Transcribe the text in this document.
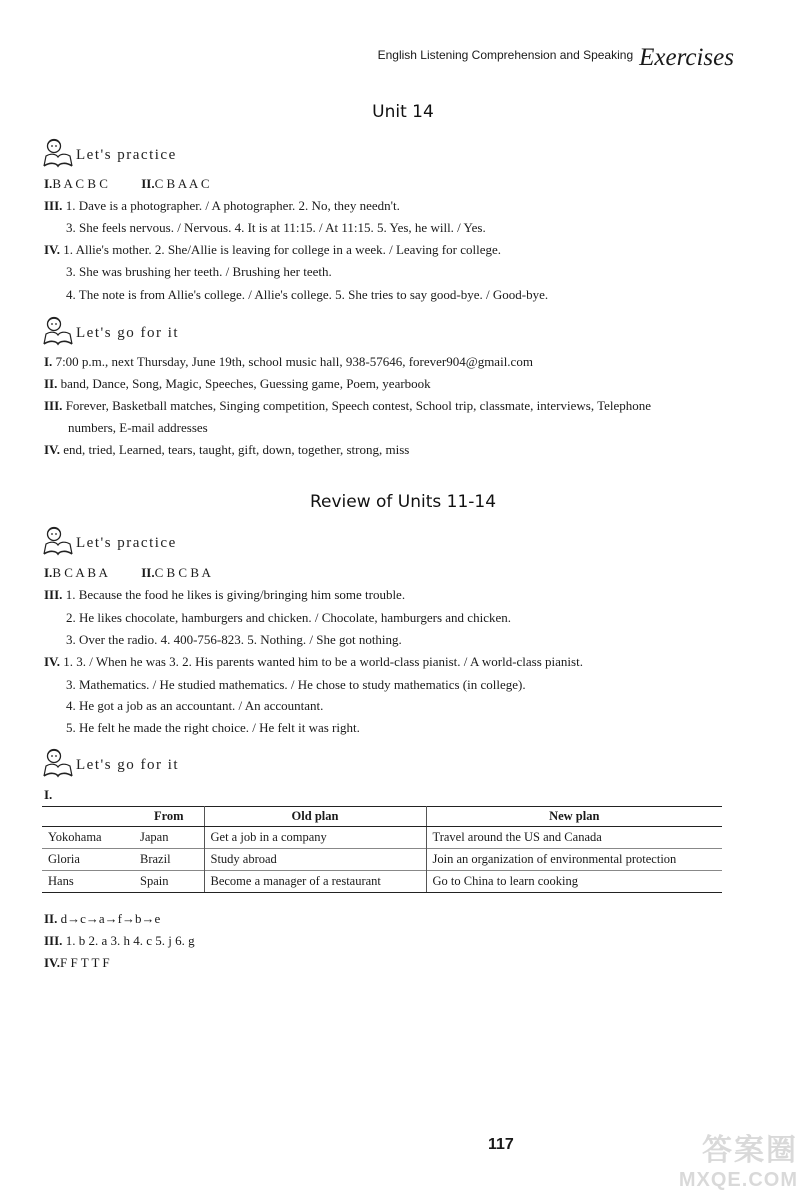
$^{English Listening Comprehension and Speaking}$ Exercises
Unit 14
Let's practice
I.B A C B C	II.C B A A C
III. 1. Dave is a photographer. / A photographer. 2. No, they needn't.
3. She feels nervous. / Nervous. 4. It is at 11:15. / At 11:15. 5. Yes, he will. / Yes.
IV. 1. Allie's mother. 2. She/Allie is leaving for college in a week. / Leaving for college.
3. She was brushing her teeth. / Brushing her teeth.
4. The note is from Allie's college. / Allie's college. 5. She tries to say good-bye. / Good-bye.
Let's go for it
I. 7:00 p.m., next Thursday, June 19th, school music hall, 938-57646, forever904@gmail.com
II. band, Dance, Song, Magic, Speeches, Guessing game, Poem, yearbook
III. Forever, Basketball matches, Singing competition, Speech contest, School trip, classmate, interviews, Telephone
numbers, E-mail addresses
IV. end, tried, Learned, tears, taught, gift, down, together, strong, miss
Review of Units 11-14
Let's practice
I.B C A B A	II.C B C B A
III. 1. Because the food he likes is giving/bringing him some trouble.
2. He likes chocolate, hamburgers and chicken. / Chocolate, hamburgers and chicken.
3. Over the radio. 4. 400-756-823. 5. Nothing. / She got nothing.
IV. 1. 3. / When he was 3. 2. His parents wanted him to be a world-class pianist. / A world-class pianist.
3. Mathematics. / He studied mathematics. / He chose to study mathematics (in college).
4. He got a job as an accountant. / An accountant.
5. He felt he made the right choice. / He felt it was right.
Let's go for it
I.
	From	Old plan	New plan
Yokohama	Japan	Get a job in a company	Travel around the US and Canada
Gloria	Brazil	Study abroad	Join an organization of environmental protection
Hans	Spain	Become a manager of a restaurant	Go to China to learn cooking
II. d→c→a→f→b→e
III. 1. b 2. a 3. h 4. c 5. j 6. g
IV.F F T T F
117	答案圈
MXQE.COM
